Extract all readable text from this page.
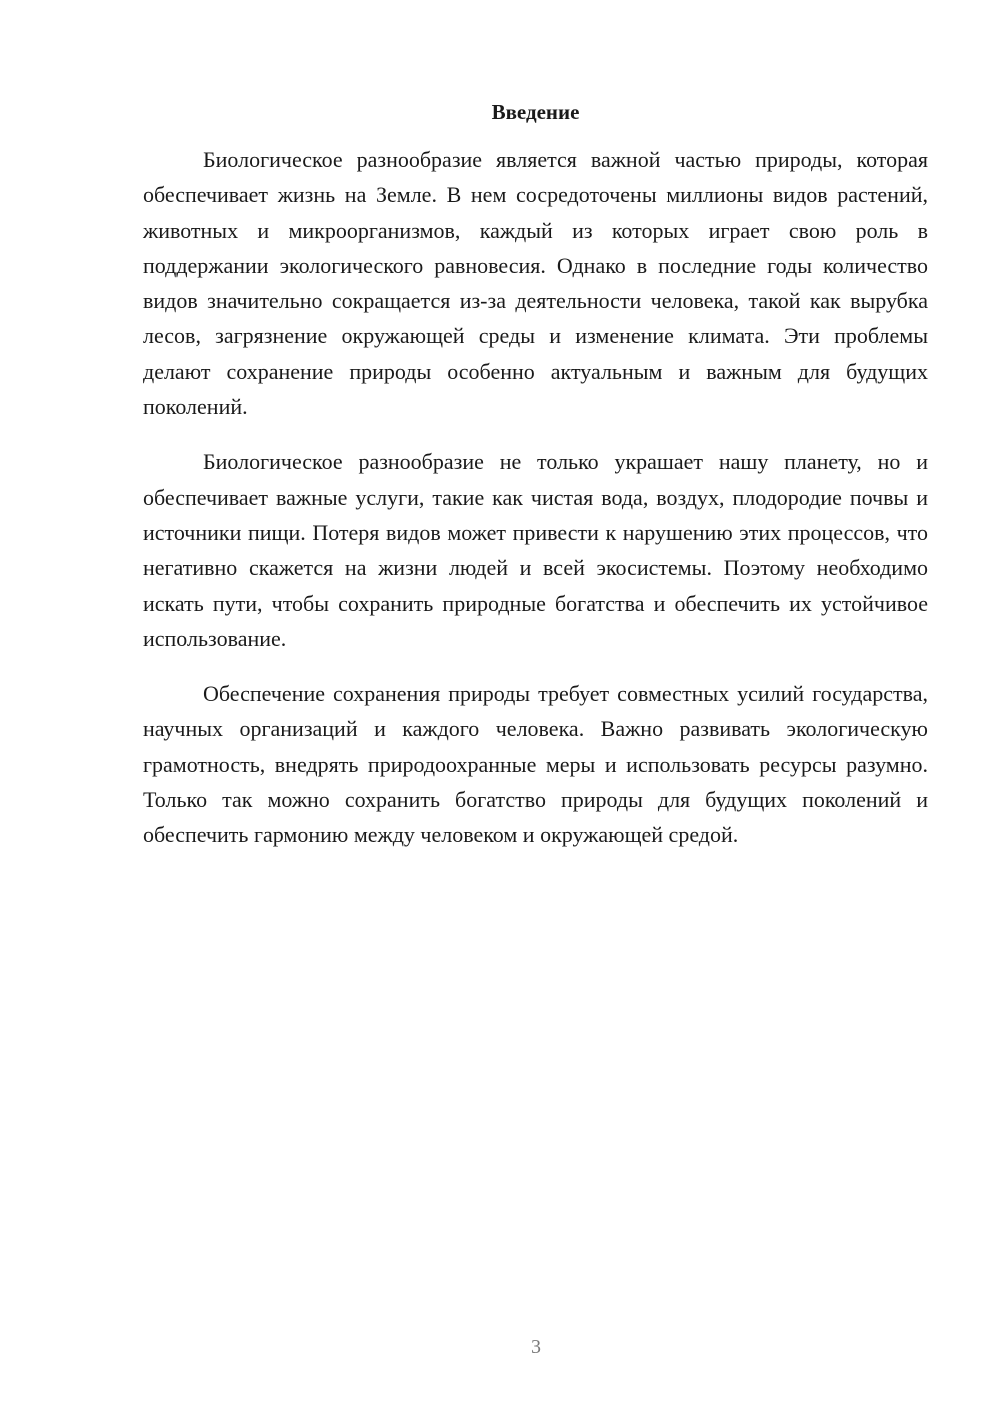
Введение

Биологическое разнообразие является важной частью природы, которая обеспечивает жизнь на Земле. В нем сосредоточены миллионы видов растений, животных и микроорганизмов, каждый из которых играет свою роль в поддержании экологического равновесия. Однако в последние годы количество видов значительно сокращается из-за деятельности человека, такой как вырубка лесов, загрязнение окружающей среды и изменение климата. Эти проблемы делают сохранение природы особенно актуальным и важным для будущих поколений.

Биологическое разнообразие не только украшает нашу планету, но и обеспечивает важные услуги, такие как чистая вода, воздух, плодородие почвы и источники пищи. Потеря видов может привести к нарушению этих процессов, что негативно скажется на жизни людей и всей экосистемы. Поэтому необходимо искать пути, чтобы сохранить природные богатства и обеспечить их устойчивое использование.

Обеспечение сохранения природы требует совместных усилий государства, научных организаций и каждого человека. Важно развивать экологическую грамотность, внедрять природоохранные меры и использовать ресурсы разумно. Только так можно сохранить богатство природы для будущих поколений и обеспечить гармонию между человеком и окружающей средой.

3
